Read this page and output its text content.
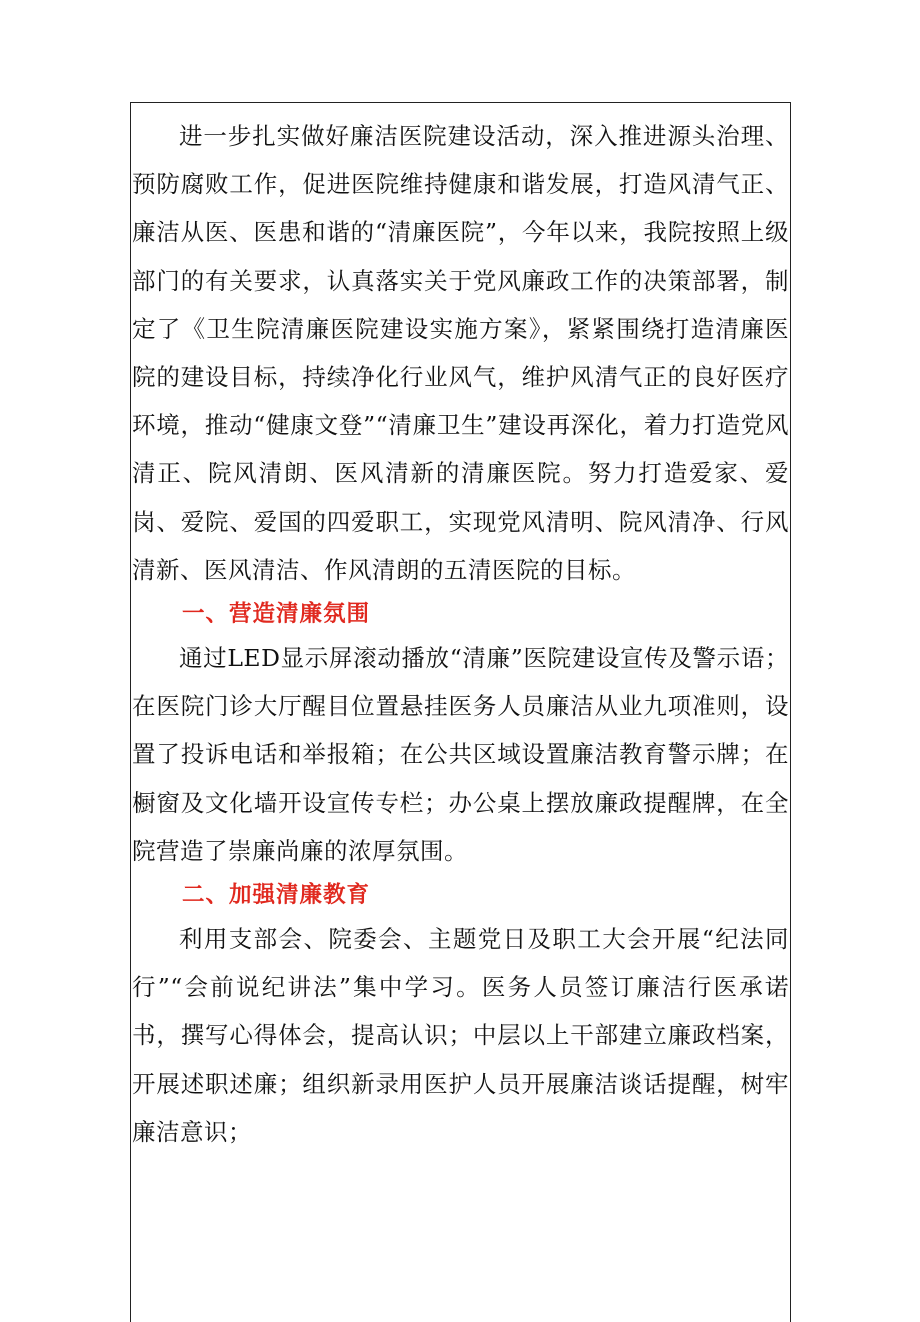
进一步扎实做好廉洁医院建设活动，深入推进源头治理、预防腐败工作，促进医院维持健康和谐发展，打造风清气正、廉洁从医、医患和谐的“清廉医院”，今年以来，我院按照上级部门的有关要求，认真落实关于党风廉政工作的决策部署，制定了《卫生院清廉医院建设实施方案》，紧紧围绕打造清廉医院的建设目标，持续净化行业风气，维护风清气正的良好医疗环境，推动“健康文登”“清廉卫生”建设再深化，着力打造党风清正、院风清朗、医风清新的清廉医院。努力打造爱家、爱岗、爱院、爱国的四爱职工，实现党风清明、院风清净、行风清新、医风清洁、作风清朗的五清医院的目标。

一、营造清廉氛围

通过LED显示屏滚动播放“清廉”医院建设宣传及警示语；在医院门诊大厅醒目位置悬挂医务人员廉洁从业九项准则，设置了投诉电话和举报箱；在公共区域设置廉洁教育警示牌；在橱窗及文化墙开设宣传专栏；办公桌上摆放廉政提醒牌，在全院营造了崇廉尚廉的浓厚氛围。

二、加强清廉教育

利用支部会、院委会、主题党日及职工大会开展“纪法同行”“会前说纪讲法”集中学习。医务人员签订廉洁行医承诺书，撰写心得体会，提高认识；中层以上干部建立廉政档案，开展述职述廉；组织新录用医护人员开展廉洁谈话提醒，树牢廉洁意识；
